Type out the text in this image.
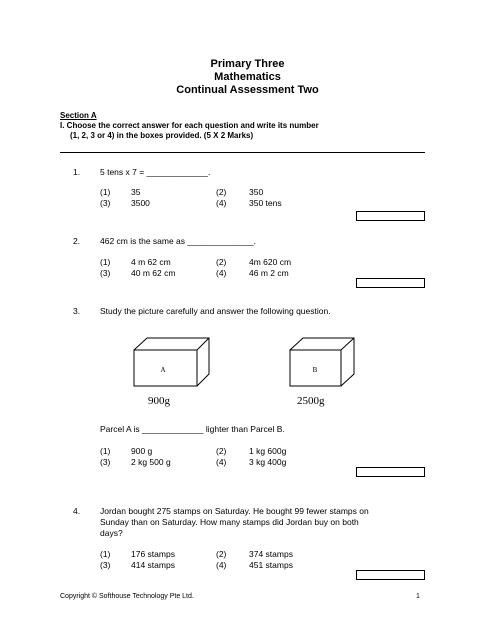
Primary Three
Mathematics
Continual Assessment Two
Section A
I. Choose the correct answer for each question and write its number
(1, 2, 3 or 4) in the boxes provided. (5 X 2 Marks)
1. 5 tens x 7 = _____________.
(1) 35	(2)	350
(3) 3500	(4)	350 tens
2. 462 cm is the same as ______________.
(1) 4 m 62 cm	(2)	4m 620 cm
(3) 40 m 62 cm	(4)	46 m 2 cm
3. Study the picture carefully and answer the following question.
A	B
900g	2500g
Parcel A is _____________ lighter than Parcel B.
(1) 900 g	(2)	1 kg 600g
(3) 2 kg 500 g	(4)	3 kg 400g
4. Jordan bought 275 stamps on Saturday. He bought 99 fewer stamps on
Sunday than on Saturday. How many stamps did Jordan buy on both
days?
(1) 176 stamps	(2)	374 stamps
(3) 414 stamps	(4)	451 stamps
Copyright © Softhouse Technology Pte Ltd.	1
